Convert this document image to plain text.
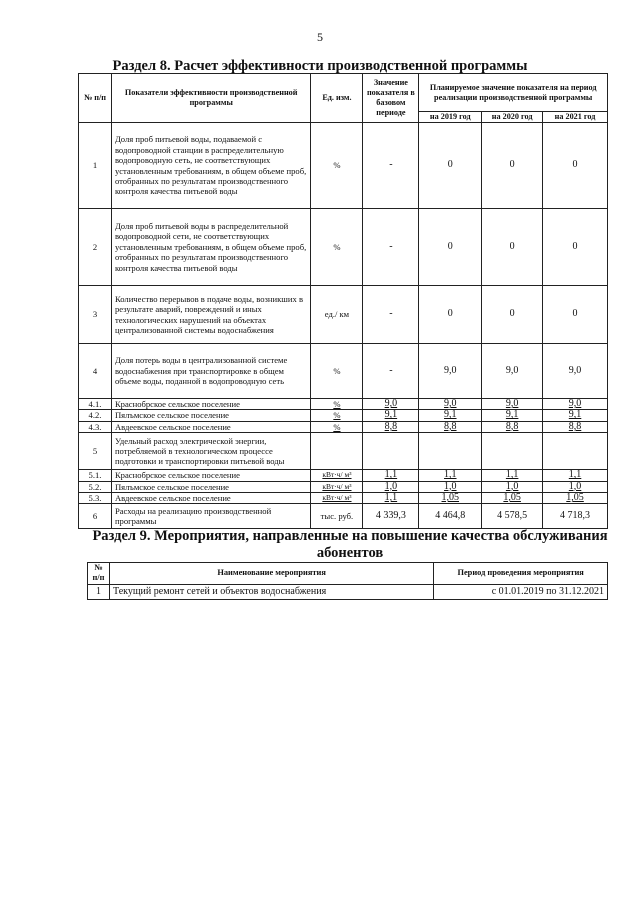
5
Раздел 8. Расчет эффективности производственной программы
№ п/п	Показатели эффективности производственной программы	Ед. изм.	Значение показателя в базовом периоде	Планируемое значение показателя на период реализации производственной программы		
				на 2019 год	на 2020 год	на 2021 год
1	Доля проб питьевой воды, подаваемой с водопроводной станции в распределительную водопроводную сеть, не соответствующих установленным требованиям, в общем объеме проб, отобранных по результатам производственного контроля качества питьевой воды	%	-	0	0	0
2	Доля проб питьевой воды в распределительной водопроводной сети, не соответствующих установленным требованиям, в общем объеме проб, отобранных по результатам производственного контроля качества питьевой воды	%	-	0	0	0
3	Количество перерывов в подаче воды, возникших в результате аварий, повреждений и иных технологических нарушений на объектах централизованной системы водоснабжения	ед./ км	-	0	0	0
4	Доля потерь воды в централизованной системе водоснабжения при транспортировке в общем объеме воды, поданной в водопроводную сеть	%	-	9,0	9,0	9,0
4.1.	Краснобрское сельское поселение	%	9,0	9,0	9,0	9,0
4.2.	Пялъмское сельское поселение	%	9,1	9,1	9,1	9,1
4.3.	Авдеевское сельское поселение	%	8,8	8,8	8,8	8,8
5	Удельный расход электрической энергии, потребляемой в технологическом процессе подготовки и транспортировки питьевой воды					
5.1.	Краснобрское сельское поселение	кВт·ч/ м³	1,1	1,1	1,1	1,1
5.2.	Пялъмское сельское поселение	кВт·ч/ м³	1,0	1,0	1,0	1,0
5.3.	Авдеевское сельское поселение	кВт·ч/ м³	1,1	1,05	1,05	1,05
6	Расходы на реализацию производственной программы	тыс. руб.	4 339,3	4 464,8	4 578,5	4 718,3
Раздел 9. Мероприятия, направленные на повышение качества обслуживания абонентов
№ п/п	Наименование мероприятия	Период проведения мероприятия
1	Текущий ремонт сетей и объектов водоснабжения	с 01.01.2019 по 31.12.2021
